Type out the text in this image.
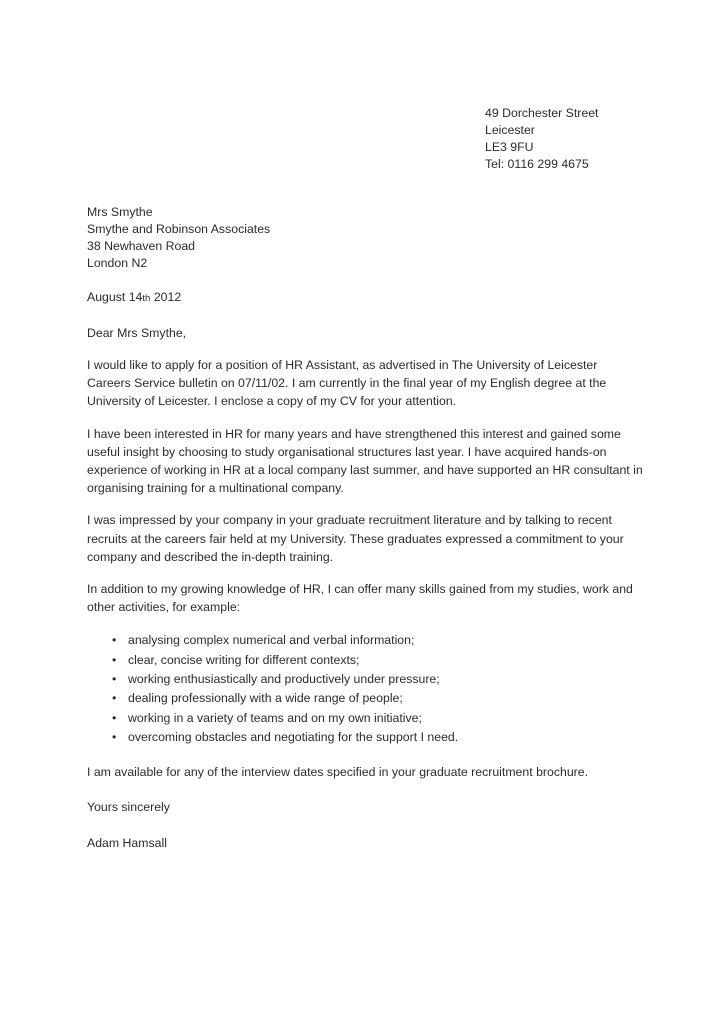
49 Dorchester Street
Leicester
LE3 9FU
Tel: 0116 299 4675
Mrs Smythe
Smythe and Robinson Associates
38 Newhaven Road
London N2
August 14th 2012
Dear Mrs Smythe,
I would like to apply for a position of HR Assistant, as advertised in The University of Leicester Careers Service bulletin on 07/11/02. I am currently in the final year of my English degree at the University of Leicester. I enclose a copy of my CV for your attention.
I have been interested in HR for many years and have strengthened this interest and gained some useful insight by choosing to study organisational structures last year. I have acquired hands-on experience of working in HR at a local company last summer, and have supported an HR consultant in organising training for a multinational company.
I was impressed by your company in your graduate recruitment literature and by talking to recent recruits at the careers fair held at my University. These graduates expressed a commitment to your company and described the in-depth training.
In addition to my growing knowledge of HR, I can offer many skills gained from my studies, work and other activities, for example:
• analysing complex numerical and verbal information;
• clear, concise writing for different contexts;
• working enthusiastically and productively under pressure;
• dealing professionally with a wide range of people;
• working in a variety of teams and on my own initiative;
• overcoming obstacles and negotiating for the support I need.
I am available for any of the interview dates specified in your graduate recruitment brochure.
Yours sincerely
Adam Hamsall
